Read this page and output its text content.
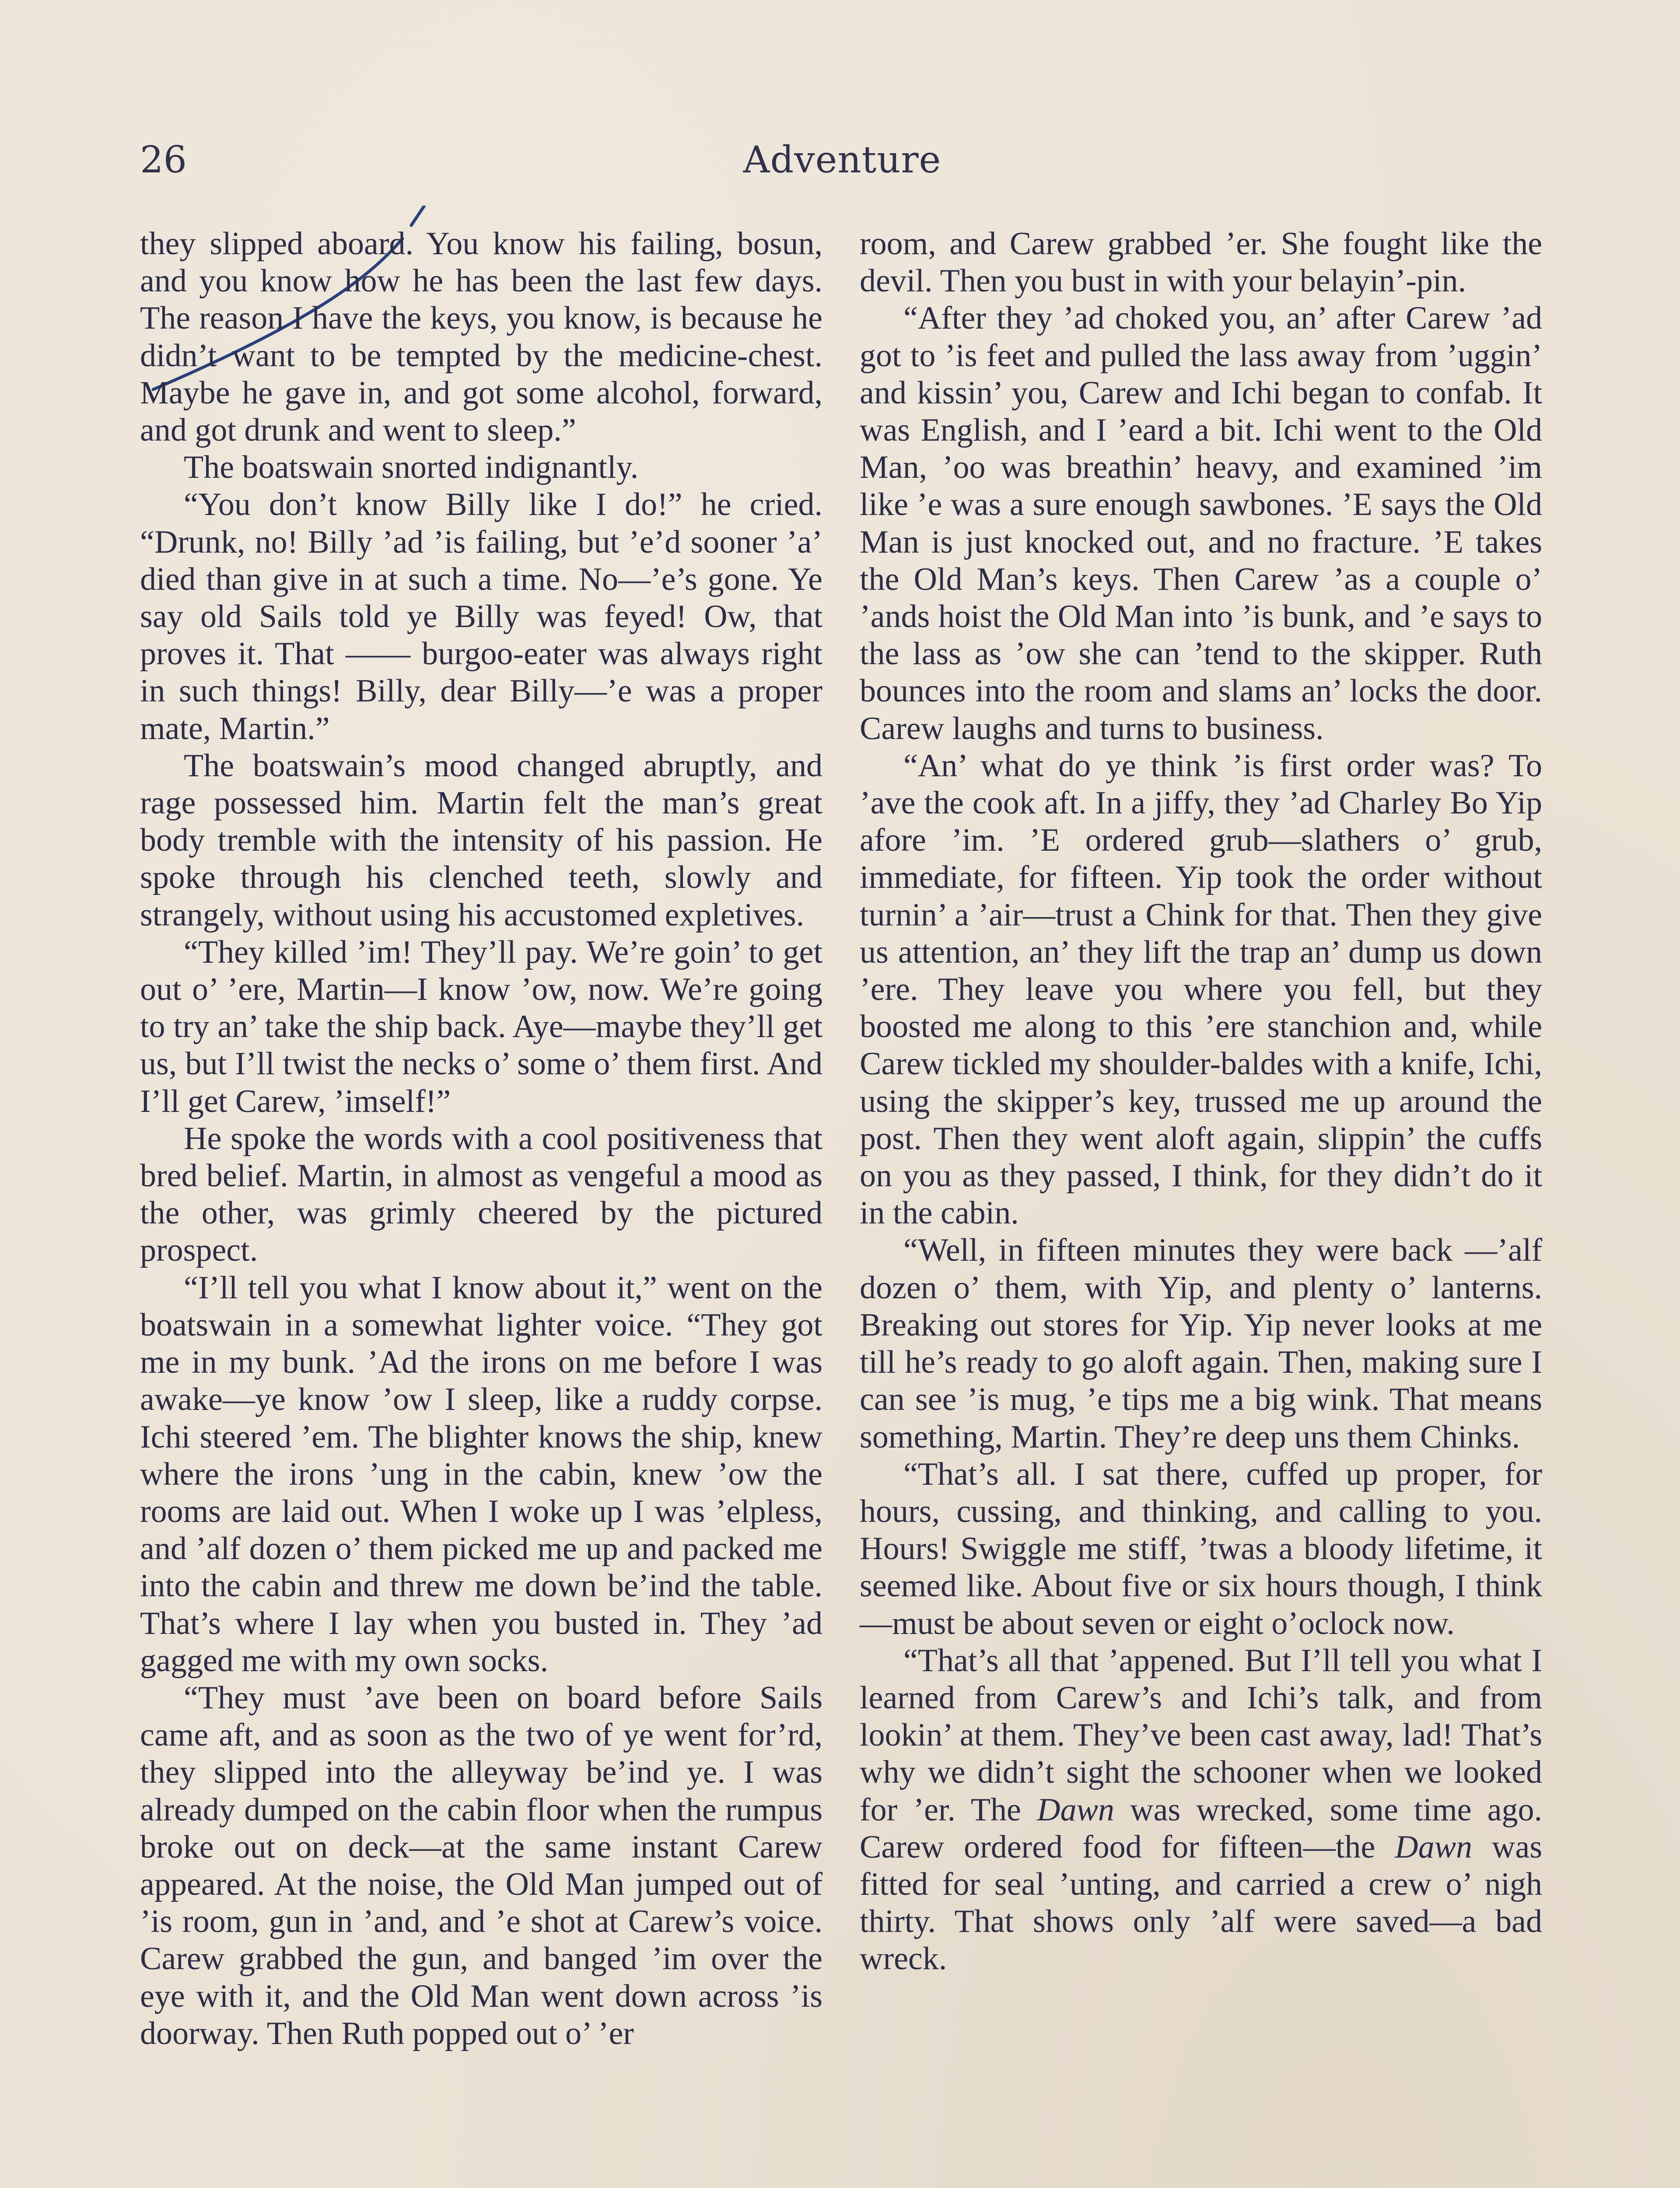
26	Adventure

they slipped aboard. You know his failing, bosun, and you know how he has been the last few days. The reason I have the keys, you know, is because he didn’t want to be tempted by the medicine-chest. Maybe he gave in, and got some alcohol, forward, and got drunk and went to sleep.”

The boatswain snorted indignantly.

“You don’t know Billy like I do!” he cried. “Drunk, no! Billy ’ad ’is failing, but ’e’d sooner ’a’ died than give in at such a time. No—’e’s gone. Ye say old Sails told ye Billy was feyed! Ow, that proves it. That —— burgoo-eater was always right in such things! Billy, dear Billy—’e was a proper mate, Martin.”

The boatswain’s mood changed abruptly, and rage possessed him. Martin felt the man’s great body tremble with the intensity of his passion. He spoke through his clenched teeth, slowly and strangely, without using his accustomed expletives.

“They killed ’im! They’ll pay. We’re goin’ to get out o’ ’ere, Martin—I know ’ow, now. We’re going to try an’ take the ship back. Aye—maybe they’ll get us, but I’ll twist the necks o’ some o’ them first. And I’ll get Carew, ’imself!”

He spoke the words with a cool positiveness that bred belief. Martin, in almost as vengeful a mood as the other, was grimly cheered by the pictured prospect.

“I’ll tell you what I know about it,” went on the boatswain in a somewhat lighter voice. “They got me in my bunk. ’Ad the irons on me before I was awake—ye know ’ow I sleep, like a ruddy corpse. Ichi steered ’em. The blighter knows the ship, knew where the irons ’ung in the cabin, knew ’ow the rooms are laid out. When I woke up I was ’elpless, and ’alf dozen o’ them picked me up and packed me into the cabin and threw me down be’ind the table. That’s where I lay when you busted in. They ’ad gagged me with my own socks.

“They must ’ave been on board before Sails came aft, and as soon as the two of ye went for’rd, they slipped into the alleyway be’ind ye. I was already dumped on the cabin floor when the rumpus broke out on deck—at the same instant Carew appeared. At the noise, the Old Man jumped out of ’is room, gun in ’and, and ’e shot at Carew’s voice. Carew grabbed the gun, and banged ’im over the eye with it, and the Old Man went down across ’is doorway. Then Ruth popped out o’ ’er

room, and Carew grabbed ’er. She fought like the devil. Then you bust in with your belayin’-pin.

“After they ’ad choked you, an’ after Carew ’ad got to ’is feet and pulled the lass away from ’uggin’ and kissin’ you, Carew and Ichi began to confab. It was English, and I ’eard a bit. Ichi went to the Old Man, ’oo was breathin’ heavy, and examined ’im like ’e was a sure enough sawbones. ’E says the Old Man is just knocked out, and no fracture. ’E takes the Old Man’s keys. Then Carew ’as a couple o’ ’ands hoist the Old Man into ’is bunk, and ’e says to the lass as ’ow she can ’tend to the skipper. Ruth bounces into the room and slams an’ locks the door. Carew laughs and turns to business.

“An’ what do ye think ’is first order was? To ’ave the cook aft. In a jiffy, they ’ad Charley Bo Yip afore ’im. ’E ordered grub—slathers o’ grub, immediate, for fifteen. Yip took the order without turnin’ a ’air—trust a Chink for that. Then they give us attention, an’ they lift the trap an’ dump us down ’ere. They leave you where you fell, but they boosted me along to this ’ere stanchion and, while Carew tickled my shoulder-baldes with a knife, Ichi, using the skipper’s key, trussed me up around the post. Then they went aloft again, slippin’ the cuffs on you as they passed, I think, for they didn’t do it in the cabin.

“Well, in fifteen minutes they were back —’alf dozen o’ them, with Yip, and plenty o’ lanterns. Breaking out stores for Yip. Yip never looks at me till he’s ready to go aloft again. Then, making sure I can see ’is mug, ’e tips me a big wink. That means something, Martin. They’re deep uns them Chinks.

“That’s all. I sat there, cuffed up proper, for hours, cussing, and thinking, and calling to you. Hours! Swiggle me stiff, ’twas a bloody lifetime, it seemed like. About five or six hours though, I think—must be about seven or eight o’oclock now.

“That’s all that ’appened. But I’ll tell you what I learned from Carew’s and Ichi’s talk, and from lookin’ at them. They’ve been cast away, lad! That’s why we didn’t sight the schooner when we looked for ’er. The Dawn was wrecked, some time ago. Carew ordered food for fifteen—the Dawn was fitted for seal ’unting, and carried a crew o’ nigh thirty. That shows only ’alf were saved—a bad wreck.
